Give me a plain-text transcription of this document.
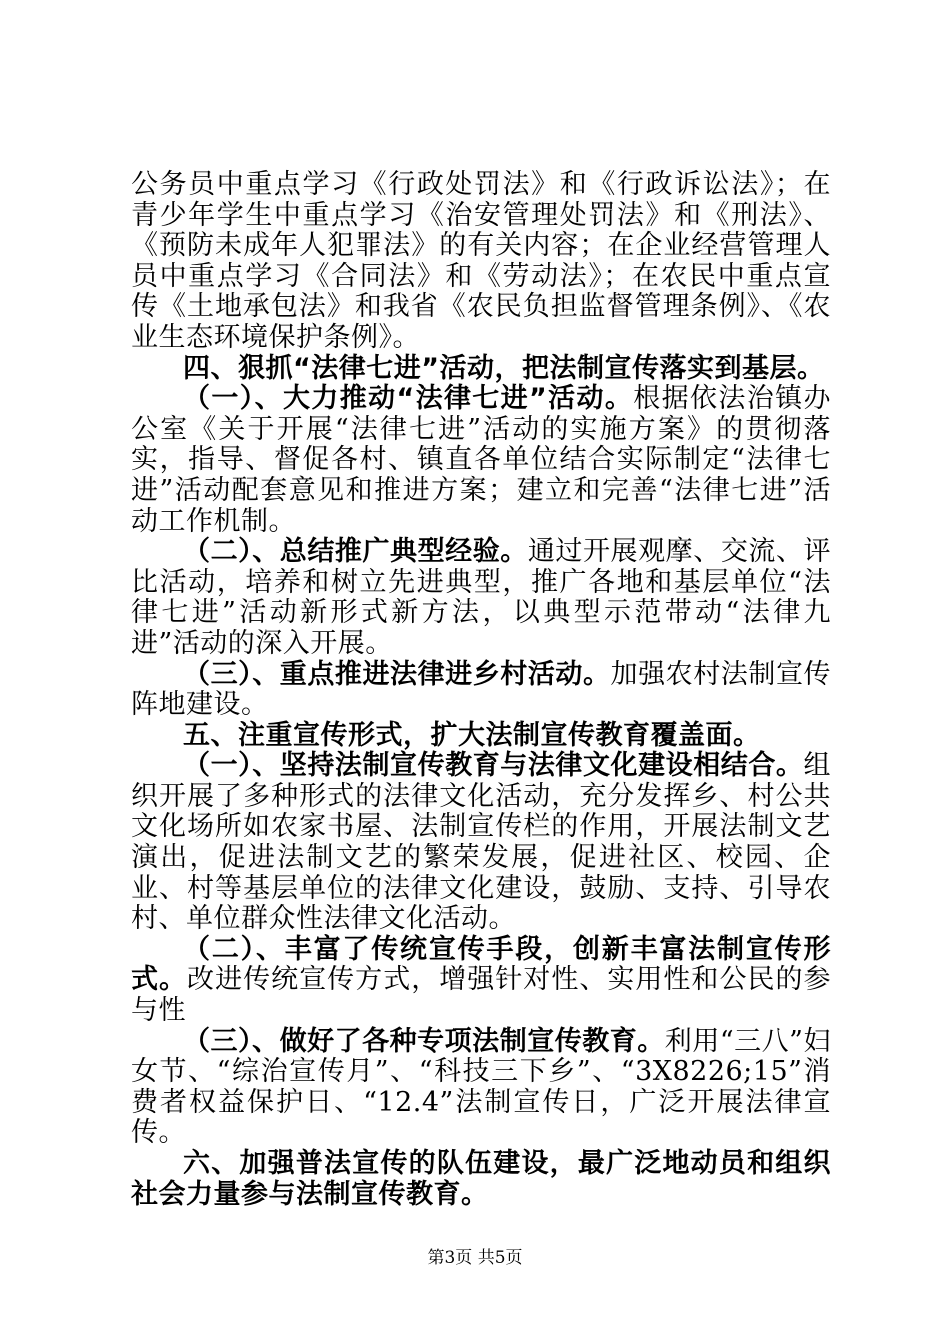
公务员中重点学习《行政处罚法》和《行政诉讼法》；在青少年学生中重点学习《治安管理处罚法》和《刑法》、《预防未成年人犯罪法》的有关内容；在企业经营管理人员中重点学习《合同法》和《劳动法》；在农民中重点宣传《土地承包法》和我省《农民负担监督管理条例》、《农业生态环境保护条例》。

四、狠抓“法律七进”活动，把法制宣传落实到基层。

（一）、大力推动“法律七进”活动。根据依法治镇办公室《关于开展“法律七进”活动的实施方案》的贯彻落实，指导、督促各村、镇直各单位结合实际制定“法律七进”活动配套意见和推进方案；建立和完善“法律七进”活动工作机制。

（二）、总结推广典型经验。通过开展观摩、交流、评比活动，培养和树立先进典型，推广各地和基层单位“法律七进”活动新形式新方法，以典型示范带动“法律九进”活动的深入开展。

（三）、重点推进法律进乡村活动。加强农村法制宣传阵地建设。

五、注重宣传形式，扩大法制宣传教育覆盖面。

（一）、坚持法制宣传教育与法律文化建设相结合。组织开展了多种形式的法律文化活动，充分发挥乡、村公共文化场所如农家书屋、法制宣传栏的作用，开展法制文艺演出，促进法制文艺的繁荣发展，促进社区、校园、企业、村等基层单位的法律文化建设，鼓励、支持、引导农村、单位群众性法律文化活动。

（二）、丰富了传统宣传手段，创新丰富法制宣传形式。改进传统宣传方式，增强针对性、实用性和公民的参与性

（三）、做好了各种专项法制宣传教育。利用“三八”妇女节、“综治宣传月”、“科技三下乡”、“3X8226;15”消费者权益保护日、“12.4”法制宣传日，广泛开展法律宣传。

六、加强普法宣传的队伍建设，最广泛地动员和组织社会力量参与法制宣传教育。

第3页 共5页
